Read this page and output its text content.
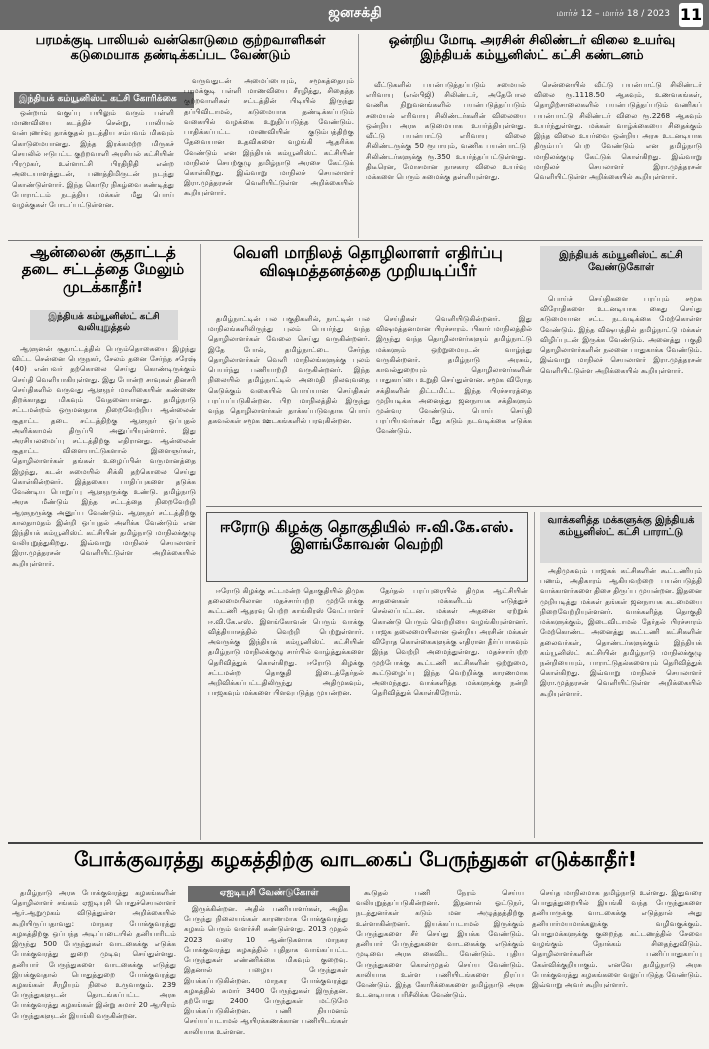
ஜனசக்தி	மார்ச் 12 – மார்ச் 18 / 2023 11
பரமக்குடி பாலியல் வன்கொடுமை குற்றவாளிகள் கடுமையாக தண்டிக்கப்பட வேண்டும்
இந்தியக் கம்யூனிஸ்ட் கட்சி கோரிக்கை

ஒன்றாம் வகுப்பு பயிலும் வரும் பள்ளி மாணவியை கடத்திச் சென்று, பாலியல் வன்புணர்வு தாக்குதல் நடத்திய சம்பவம் மிகவும் கொடுமையானது. இந்த இரக்கமற்ற மிருகச் செயலில் ஈடுபட்ட குற்றவாளி அரசியல் கட்சியின் பிரமுகர், உள்ளாட்சி பிரதிநிதி என்ற அடையாளத்துடன், பணத்திமிருடன் நடந்து கொண்டுள்ளார். இந்த கொடூர நிகழ்வை கண்டித்து போராட்டம் நடத்திய மக்கள் மீது பொய் வழக்குகள் போடப்பட்டுள்ளன.

வருவதுடன் அமைப்பையும், சமூகத்தையும் பரமக்குடி பள்ளி மாணவியை சீரழித்து, சிதைத்த குற்றவாளிகள் சட்டத்தின் பிடியில் இருந்து தப்பிவிடாமல், கடுமையாக தண்டிக்கப்படும் வகையில் வழக்கை உறுதிப்படுத்த வேண்டும். பாதிக்கப்பட்ட மாணவியின் குடும்பத்திற்கு தேவையான உதவிகளை வழங்கி ஆதரிக்க வேண்டும் என இந்தியக் கம்யூனிஸ்ட் கட்சியின் மாநிலச் செயற்குழு தமிழ்நாடு அரசை கேட்டுக் கொள்கிறது. இவ்வாறு மாநிலச் செயலாளர் இரா.முத்தரசன் வெளியிட்டுள்ள அறிக்கையில் கூறியுள்ளார்.

ஒன்றிய மோடி அரசின் சிலிண்டர் விலை உயர்வு இந்தியக் கம்யூனிஸ்ட் கட்சி கண்டனம்

வீட்டுகளில் பயன்படுத்தப்படும் சமையல் எரிவாயு (எல்பிஜி) சிலிண்டர், அதேபோல வணிக நிறுவனங்களில் பயன்படுத்தப்படும் சமையல் எரிவாயு சிலிண்டர்களின் விலையை ஒன்றிய அரசு கடுமையாக உயர்த்தியுள்ளது. வீட்டு பயன்பாட்டு எரிவாயு விலை சிலிண்டருக்கு 50 ரூபாயும், வணிக பயன்பாட்டு சிலிண்டர்களுக்கு ரூ.350 உயர்த்தப்பட்டுள்ளது. திடீரென, மோசமான நாசகார விலை உயர்வு மக்களை பெரும் சுமைக்கு தள்ளியுள்ளது.

சென்னையில் வீட்டு பயன்பாட்டு சிலிண்டர் விலை ரூ.1118.50 ஆகவும், உணவகங்கள், தொழிற்சாலைகளில் பயன்படுத்தப்படும் வணிகப் பயன்பாட்டு சிலிண்டர் விலை ரூ.2268 ஆகவும் உயர்ந்துள்ளது. மக்கள் வாழ்க்கையை சிதைக்கும் இந்த விலை உயர்வை ஒன்றிய அரசு உடனடியாக திரும்பப் பெற வேண்டும் என தமிழ்நாடு மாநிலக்குழு கேட்டுக் கொள்கிறது. இவ்வாறு மாநிலச் செயலாளர் இரா.முத்தரசன் வெளியிட்டுள்ள அறிக்கையில் கூறியுள்ளார்.

ஆன்லைன் சூதாட்டத் தடை சட்டத்தை மேலும் முடக்காதீர்!
இந்தியக் கம்யூனிஸ்ட் கட்சி வலியுறுத்தல்

ஆளுனன் சூதாட்டத்தில் பெரும்தொகையை இழந்து விட்ட சென்னை பெருநகர், சேலம் தனை சேர்ந்த சரேஷ் (40) என்பவர் தற்கொலை செய்து கொண்டிருக்கும் செய்தி வெளியாகியுள்ளது. இது போன்ற சாவுகள் தினசரி செய்திகளில் வருவது ஆளுநர் மாளிகையின் கண்ணை திறக்காதது மிகவும் வேதனையானது. தமிழ்நாடு சட்டமன்றம் ஒருமனதாக நிறைவேற்றிய ஆன்லைன் சூதாட்ட தடை சட்டத்திற்கு ஆளுநர் ஒப்புதல் அளிக்காமல் திருப்பி அனுப்பியுள்ளார். இது அரசியலமைப்பு சட்டத்திற்கு எதிரானது. ஆன்லைன் சூதாட்ட விளையாட்டுகளால் இளைஞர்கள், தொழிலாளர்கள் தங்கள் உழைப்பின் வருமானத்தை இழந்து, கடன் சுமையில் சிக்கி தற்கொலை செய்து கொள்கின்றனர். இத்தகைய பாதிப்புகளை தடுக்க வேண்டிய பொறுப்பு ஆளுநருக்கு உண்டு. தமிழ்நாடு அரசு மீண்டும் இந்த சட்டத்தை நிறைவேற்றி ஆளுநருக்கு அனுப்ப வேண்டும். ஆளுநர் சட்டத்திற்கு காலதாமதம் இன்றி ஒப்புதல் அளிக்க வேண்டும் என இந்தியக் கம்யூனிஸ்ட் கட்சியின் தமிழ்நாடு மாநிலக்குழு வலியுறுத்துகிறது. இவ்வாறு மாநிலச் செயலாளர் இரா.முத்தரசன் வெளியிட்டுள்ள அறிக்கையில் கூறியுள்ளார்.

வெளி மாநிலத் தொழிலாளர் எதிர்ப்பு விஷமத்தனத்தை முறியடிப்பீர்

தமிழ்நாட்டின் பல பகுதிகளில், நாட்டின் பல மாநிலங்களிலிருந்து புலம் பெயர்ந்து வந்த தொழிலாளர்கள் வேலை செய்து வருகின்றனர். இதே போல், தமிழ்நாட்டை சேர்ந்த தொழிலாளர்கள் வெளி மாநிலங்களுக்கு புலம் பெயர்ந்து பணியாற்றி வருகின்றனர். இந்த நிலையில் தமிழ்நாட்டில் அமைதி நிலவுவதை கெடுக்கும் வகையில் பொய்யான செய்திகள் பரப்பப்படுகின்றன. பிற மாநிலத்தில் இருந்து வந்த தொழிலாளர்கள் தாக்கப்படுவதாக பொய் தகவல்கள் சமூக ஊடகங்களில் பரவுகின்றன.

செய்திகள் வெளியிடுகின்றனர். இது விஷமத்தனமான பிரச்சாரம். பிகார் மாநிலத்தில் இருந்து வந்த தொழிலாளர்களும் தமிழ்நாட்டு மக்களும் ஒற்றுமையுடன் வாழ்ந்து வருகின்றனர். தமிழ்நாடு அரசும், காவல்துறையும் தொழிலாளர்களின் பாதுகாப்பை உறுதி செய்துள்ளன. சமூக விரோத சக்திகளின் திட்டமிட்ட இந்த பிரச்சாரத்தை முறியடிக்க அனைத்து ஜனநாயக சக்திகளும் முன்வர வேண்டும். பொய் செய்தி பரப்பியவர்கள் மீது கடும் நடவடிக்கை எடுக்க வேண்டும்.

இந்தியக் கம்யூனிஸ்ட் கட்சி வேண்டுகோள்

பொய்ச் செய்திகளை பரப்பும் சமூக விரோதிகளை உடனடியாக கைது செய்து கடுமையான சட்ட நடவடிக்கை மேற்கொள்ள வேண்டும். இந்த விஷயத்தில் தமிழ்நாட்டு மக்கள் விழிப்புடன் இருக்க வேண்டும். அனைத்து பகுதி தொழிலாளர்களின் நலனை பாதுகாக்க வேண்டும். இவ்வாறு மாநிலச் செயலாளர் இரா.முத்தரசன் வெளியிட்டுள்ள அறிக்கையில் கூறியுள்ளார்.

ஈரோடு கிழக்கு தொகுதியில் ஈ.வி.கே.எஸ். இளங்கோவன் வெற்றி

ஈரோடு கிழக்கு சட்டமன்ற தொகுதியில் திமுக தலைமையிலான மதச்சார்பற்ற முற்போக்கு கூட்டணி ஆதரவு பெற்ற காங்கிரஸ் வேட்பாளர் ஈ.வி.கே.எஸ். இளங்கோவன் பெரும் வாக்கு வித்தியாசத்தில் வெற்றி பெற்றுள்ளார். அவருக்கு இந்தியக் கம்யூனிஸ்ட் கட்சியின் தமிழ்நாடு மாநிலக்குழு சார்பில் வாழ்த்துக்களை தெரிவித்துக் கொள்கிறது. ஈரோடு கிழக்கு சட்டமன்ற தொகுதி இடைத்தேர்தல் அறிவிக்கப்பட்டதிலிருந்து அதிமுகவும், பாஜகவும் மக்களை பிளவுபடுத்த முயன்றன.

தேர்தல் பரப்புரையில் திமுக ஆட்சியின் சாதனைகள் மக்களிடம் எடுத்துச் செல்லப்பட்டன. மக்கள் அதனை ஏற்றுக் கொண்டு பெரும் வெற்றியை வழங்கியுள்ளனர். பாஜக தலைமையிலான ஒன்றிய அரசின் மக்கள் விரோத கொள்கைகளுக்கு எதிரான தீர்ப்பாகவும் இந்த வெற்றி அமைந்துள்ளது. மதச்சார்பற்ற முற்போக்கு கூட்டணி கட்சிகளின் ஒற்றுமை, கூட்டுழைப்பு இந்த வெற்றிக்கு காரணமாக அமைந்தது. வாக்களித்த மக்களுக்கு நன்றி தெரிவித்துக் கொள்கிறோம்.

வாக்களித்த மக்களுக்கு இந்தியக் கம்யூனிஸ்ட் கட்சி பாராட்டு

அதிமுகவும் பாஜகக் கட்சிகளின் கூட்டணியும் பணம், அதிகாரம் ஆகியவற்றை பயன்படுத்தி வாக்காளர்களை திசை திருப்ப முயன்றன. இதனை முறியடித்து மக்கள் தங்கள் ஜனநாயக கடமையை நிறைவேற்றியுள்ளனர். வாக்களித்த தொகுதி மக்களுக்கும், இடைவிடாமல் தேர்தல் பிரச்சாரம் மேற்கொண்ட அனைத்து கூட்டணி கட்சிகளின் தலைவர்கள், தொண்டர்களுக்கும் இந்தியக் கம்யூனிஸ்ட் கட்சியின் தமிழ்நாடு மாநிலக்குழு நன்றியையும், பாராட்டுதல்களையும் தெரிவித்துக் கொள்கிறது. இவ்வாறு மாநிலச் செயலாளர் இரா.முத்தரசன் வெளியிட்டுள்ள அறிக்கையில் கூறியுள்ளார்.

போக்குவரத்து கழகத்திற்கு வாடகைப் பேருந்துகள் எடுக்காதீர்!

தமிழ்நாடு அரசு போக்குவரத்து கழகங்களின் தொழிலாளர் சங்கம் ஏஐடியுசி பொதுச்செயலாளர் ஆர்.ஆறுமுகம் விடுத்துள்ள அறிக்கையில் கூறியிருப்பதாவது: மாநகர போக்குவரத்து கழகத்திற்கு ஒப்பந்த அடிப்படையில் தனியாரிடம் இருந்து 500 பேருந்துகள் வாடகைக்கு எடுக்க போக்குவரத்து துறை முடிவு செய்துள்ளது. தனியார் பேருந்துகளை வாடகைக்கு எடுத்து இயக்குவதால் பொதுத்துறை போக்குவரத்து கழகங்கள் சீரழியும் நிலை உருவாகும். 239 பேருந்துகளுடன் தொடங்கப்பட்ட அரசு போக்குவரத்து கழகங்கள் இன்று சுமார் 20 ஆயிரம் பேருந்துகளுடன் இயங்கி வருகின்றன.

ஏஐடியுசி வேண்டுகோள்

இருக்கின்றன. அதில் பணியாளர்கள், அதிக பேருந்து நிலையங்கள் காரணமாக போக்குவரத்து கழகம் பெரும் வளர்ச்சி கண்டுள்ளது. 2013 முதல் 2023 வரை 10 ஆண்டுகளாக மாநகர போக்குவரத்து கழகத்தில் புதிதாக வாங்கப்பட்ட பேருந்துகள் எண்ணிக்கை மிகவும் குறைவு. இதனால் பழைய பேருந்துகள் இயக்கப்படுகின்றன. மாநகர போக்குவரத்து கழகத்தில் சுமார் 3400 பேருந்துகள் இருந்தன. தற்போது 2400 பேருந்துகள் மட்டுமே இயக்கப்படுகின்றன. பணி நியமனம் செய்யப்படாமல் ஆயிரக்கணக்கான பணியிடங்கள் காலியாக உள்ளன.

கூடுதல் பணி நேரம் செய்ய வலியுறுத்தப்படுகின்றனர். இதனால் ஓட்டுநர், நடத்துனர்கள் கடும் மன அழுத்தத்திற்கு உள்ளாகின்றனர். இயக்கப்படாமல் இருக்கும் பேருந்துகளை சீர் செய்து இயக்க வேண்டும். தனியார் பேருந்துகளை வாடகைக்கு எடுக்கும் முடிவை அரசு கைவிட வேண்டும். புதிய பேருந்துகளை கொள்முதல் செய்ய வேண்டும். காலியாக உள்ள பணியிடங்களை நிரப்ப வேண்டும். இந்த கோரிக்கைகளை தமிழ்நாடு அரசு உடனடியாக பரிசீலிக்க வேண்டும்.

செய்த மாநிலமாக தமிழ்நாடு உள்ளது. இதுவரை பொதுத்துறையில் இயங்கி வந்த பேருந்துகளை தனியாருக்கு வாடகைக்கு எடுத்தால் அது தனியார்மயமாக்கலுக்கு வழிவகுக்கும். பொதுமக்களுக்கு குறைந்த கட்டணத்தில் சேவை வழங்கும் நோக்கம் சிதைந்துவிடும். தொழிலாளர்களின் பணிப்பாதுகாப்பு கேள்விக்குறியாகும். எனவே தமிழ்நாடு அரசு போக்குவரத்து கழகங்களை வலுப்படுத்த வேண்டும். இவ்வாறு அவர் கூறியுள்ளார்.
